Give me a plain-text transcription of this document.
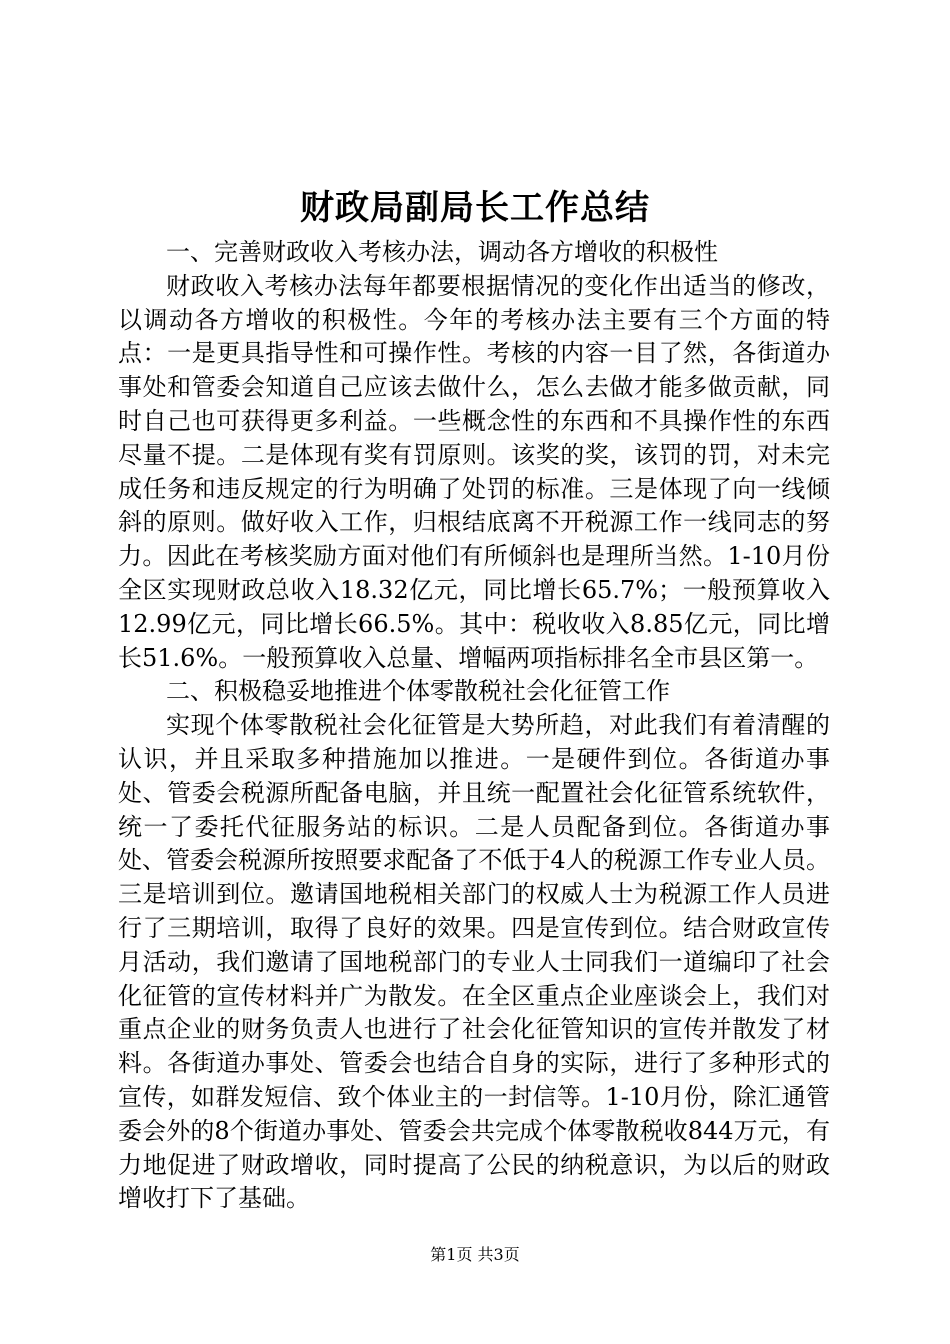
财政局副局长工作总结

一、完善财政收入考核办法，调动各方增收的积极性

财政收入考核办法每年都要根据情况的变化作出适当的修改，以调动各方增收的积极性。今年的考核办法主要有三个方面的特点：一是更具指导性和可操作性。考核的内容一目了然，各街道办事处和管委会知道自己应该去做什么，怎么去做才能多做贡献，同时自己也可获得更多利益。一些概念性的东西和不具操作性的东西尽量不提。二是体现有奖有罚原则。该奖的奖，该罚的罚，对未完成任务和违反规定的行为明确了处罚的标准。三是体现了向一线倾斜的原则。做好收入工作，归根结底离不开税源工作一线同志的努力。因此在考核奖励方面对他们有所倾斜也是理所当然。1-10月份全区实现财政总收入18.32亿元，同比增长65.7%；一般预算收入12.99亿元，同比增长66.5%。其中：税收收入8.85亿元，同比增长51.6%。一般预算收入总量、增幅两项指标排名全市县区第一。

二、积极稳妥地推进个体零散税社会化征管工作

实现个体零散税社会化征管是大势所趋，对此我们有着清醒的认识，并且采取多种措施加以推进。一是硬件到位。各街道办事处、管委会税源所配备电脑，并且统一配置社会化征管系统软件，统一了委托代征服务站的标识。二是人员配备到位。各街道办事处、管委会税源所按照要求配备了不低于4人的税源工作专业人员。三是培训到位。邀请国地税相关部门的权威人士为税源工作人员进行了三期培训，取得了良好的效果。四是宣传到位。结合财政宣传月活动，我们邀请了国地税部门的专业人士同我们一道编印了社会化征管的宣传材料并广为散发。在全区重点企业座谈会上，我们对重点企业的财务负责人也进行了社会化征管知识的宣传并散发了材料。各街道办事处、管委会也结合自身的实际，进行了多种形式的宣传，如群发短信、致个体业主的一封信等。1-10月份，除汇通管委会外的8个街道办事处、管委会共完成个体零散税收844万元，有力地促进了财政增收，同时提高了公民的纳税意识，为以后的财政增收打下了基础。

第1页 共3页
